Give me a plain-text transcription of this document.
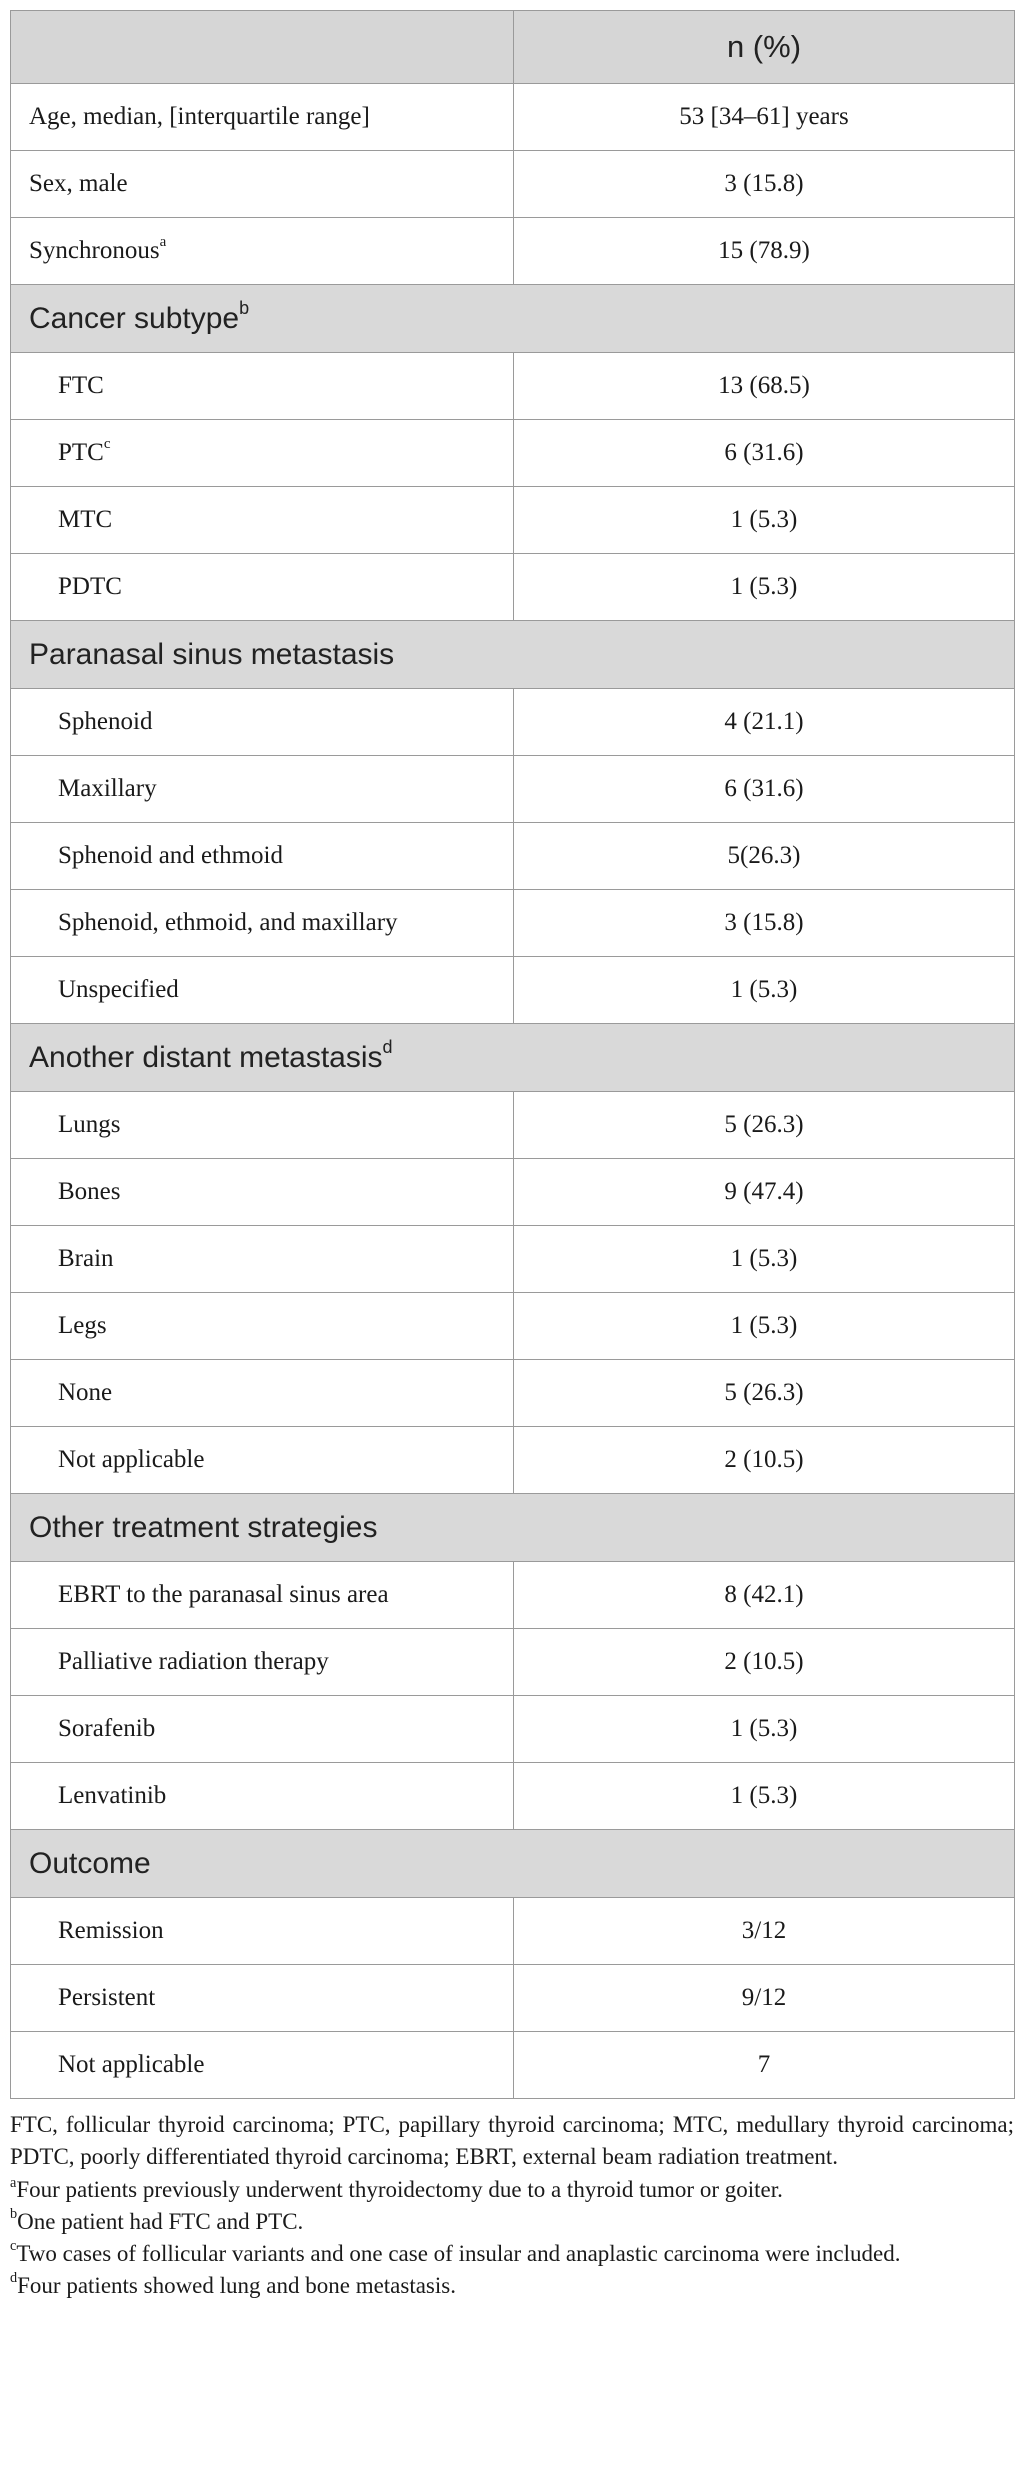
	n (%)
Age, median, [interquartile range]	53 [34–61] years
Sex, male	3 (15.8)
Synchronous$^a$	15 (78.9)
Cancer subtype$^b$
FTC	13 (68.5)
PTC$^c$	6 (31.6)
MTC	1 (5.3)
PDTC	1 (5.3)
Paranasal sinus metastasis	
Sphenoid	4 (21.1)
Maxillary	6 (31.6)
Sphenoid and ethmoid	5(26.3)
Sphenoid, ethmoid, and maxillary	3 (15.8)
Unspecified	1 (5.3)
Another distant metastasis$^d$
Lungs	5 (26.3)
Bones	9 (47.4)
Brain	1 (5.3)
Legs	1 (5.3)
None	5 (26.3)
Not applicable	2 (10.5)
Other treatment strategies	
EBRT to the paranasal sinus area	8 (42.1)
Palliative radiation therapy	2 (10.5)
Sorafenib	1 (5.3)
Lenvatinib	1 (5.3)
Outcome	
Remission	3/12
Persistent	9/12
Not applicable	7

FTC, follicular thyroid carcinoma; PTC, papillary thyroid carcinoma; MTC, medullary thyroid carcinoma; PDTC, poorly differentiated thyroid carcinoma; EBRT, external beam radiation treatment.

$^a$Four patients previously underwent thyroidectomy due to a thyroid tumor or goiter.

$^b$One patient had FTC and PTC.

$^c$Two cases of follicular variants and one case of insular and anaplastic carcinoma were included.

$^d$Four patients showed lung and bone metastasis.
